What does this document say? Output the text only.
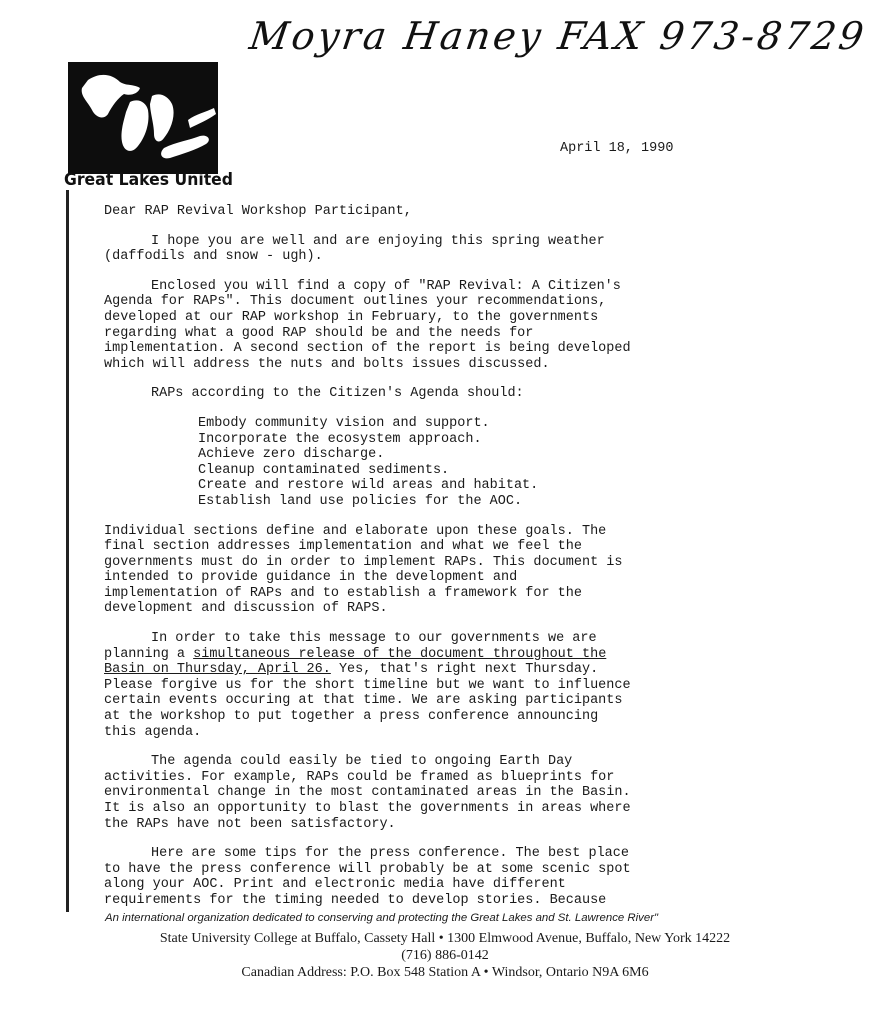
Moyra Haney FAX 973-8729
Great Lakes United
April 18, 1990
Dear RAP Revival Workshop Participant,
I hope you are well and are enjoying this spring weather
(daffodils and snow - ugh).
Enclosed you will find a copy of "RAP Revival: A Citizen's
Agenda for RAPs". This document outlines your recommendations,
developed at our RAP workshop in February, to the governments
regarding what a good RAP should be and the needs for
implementation. A second section of the report is being developed
which will address the nuts and bolts issues discussed.
RAPs according to the Citizen's Agenda should:
Embody community vision and support.
Incorporate the ecosystem approach.
Achieve zero discharge.
Cleanup contaminated sediments.
Create and restore wild areas and habitat.
Establish land use policies for the AOC.
Individual sections define and elaborate upon these goals. The
final section addresses implementation and what we feel the
governments must do in order to implement RAPs. This document is
intended to provide guidance in the development and
implementation of RAPs and to establish a framework for the
development and discussion of RAPS.
In order to take this message to our governments we are
planning a simultaneous release of the document throughout the
Basin on Thursday, April 26. Yes, that's right next Thursday.
Please forgive us for the short timeline but we want to influence
certain events occuring at that time. We are asking participants
at the workshop to put together a press conference announcing
this agenda.
The agenda could easily be tied to ongoing Earth Day
activities. For example, RAPs could be framed as blueprints for
environmental change in the most contaminated areas in the Basin.
It is also an opportunity to blast the governments in areas where
the RAPs have not been satisfactory.
Here are some tips for the press conference. The best place
to have the press conference will probably be at some scenic spot
along your AOC. Print and electronic media have different
requirements for the timing needed to develop stories. Because
An international organization dedicated to conserving and protecting the Great Lakes and St. Lawrence River"
State University College at Buffalo, Cassety Hall • 1300 Elmwood Avenue, Buffalo, New York 14222
(716) 886-0142
Canadian Address: P.O. Box 548 Station A • Windsor, Ontario N9A 6M6
